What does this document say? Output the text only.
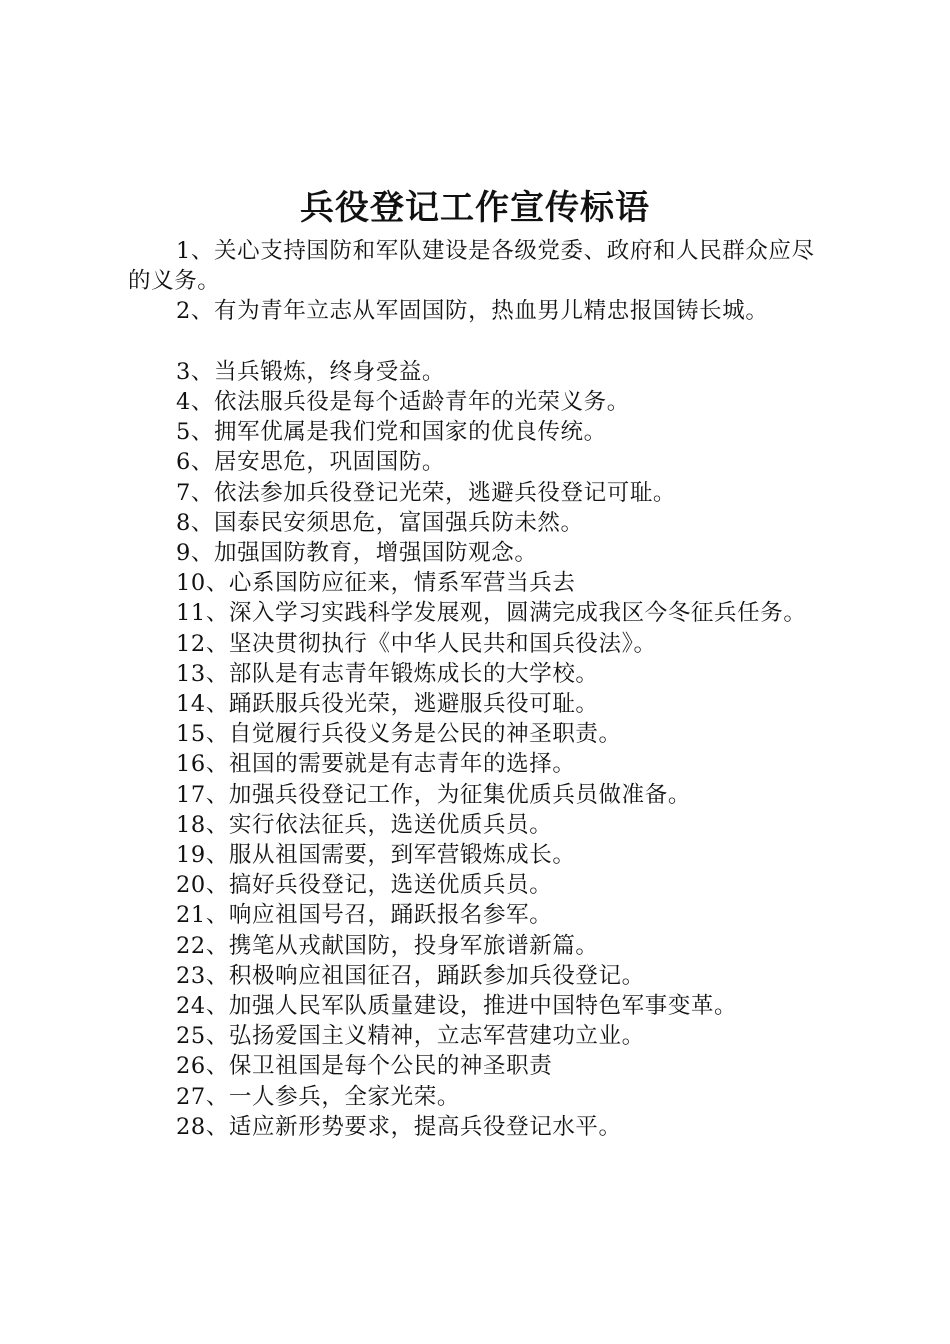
兵役登记工作宣传标语
1、关心支持国防和军队建设是各级党委、政府和人民群众应尽的义务。
2、有为青年立志从军固国防，热血男儿精忠报国铸长城。
3、当兵锻炼，终身受益。
4、依法服兵役是每个适龄青年的光荣义务。
5、拥军优属是我们党和国家的优良传统。
6、居安思危，巩固国防。
7、依法参加兵役登记光荣，逃避兵役登记可耻。
8、国泰民安须思危，富国强兵防未然。
9、加强国防教育，增强国防观念。
10、心系国防应征来，情系军营当兵去
11、深入学习实践科学发展观，圆满完成我区今冬征兵任务。
12、坚决贯彻执行《中华人民共和国兵役法》。
13、部队是有志青年锻炼成长的大学校。
14、踊跃服兵役光荣，逃避服兵役可耻。
15、自觉履行兵役义务是公民的神圣职责。
16、祖国的需要就是有志青年的选择。
17、加强兵役登记工作，为征集优质兵员做准备。
18、实行依法征兵，选送优质兵员。
19、服从祖国需要，到军营锻炼成长。
20、搞好兵役登记，选送优质兵员。
21、响应祖国号召，踊跃报名参军。
22、携笔从戎献国防，投身军旅谱新篇。
23、积极响应祖国征召，踊跃参加兵役登记。
24、加强人民军队质量建设，推进中国特色军事变革。
25、弘扬爱国主义精神，立志军营建功立业。
26、保卫祖国是每个公民的神圣职责
27、一人参兵，全家光荣。
28、适应新形势要求，提高兵役登记水平。
